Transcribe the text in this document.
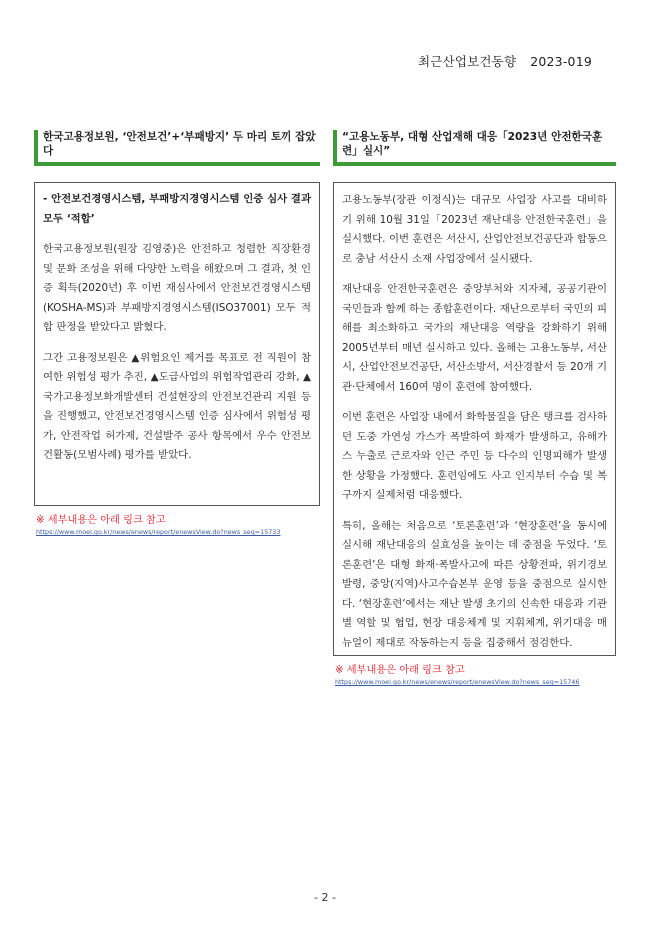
최근산업보건동향 2023-019
한국고용정보원, ‘안전보건’+‘부패방지’ 두 마리 토끼 잡았다

- 안전보건경영시스템, 부패방지경영시스템 인증 심사 결과 모두 ‘적합’

한국고용정보원(원장 김영중)은 안전하고 청렴한 직장환경 및 문화 조성을 위해 다양한 노력을 해왔으며 그 결과, 첫 인증 획득(2020년) 후 이번 재심사에서 안전보건경영시스템(KOSHA-MS)과 부패방지경영시스템(ISO37001) 모두 적합 판정을 받았다고 밝혔다.

그간 고용정보원은 ▲위험요인 제거를 목표로 전 직원이 참여한 위험성 평가 추진, ▲도급사업의 위험작업관리 강화, ▲국가고용정보화개발센터 건설현장의 안전보건관리 지원 등을 진행했고, 안전보건경영시스템 인증 심사에서 위험성 평가, 안전작업 허가제, 건설발주 공사 항목에서 우수 안전보건활동(모범사례) 평가를 받았다.

※ 세부내용은 아래 링크 참고
https://www.moel.go.kr/news/enews/report/enewsView.do?news_seq=15733
“고용노동부, 대형 산업재해 대응「2023년 안전한국훈련」실시”

고용노동부(장관 이정식)는 대규모 사업장 사고를 대비하기 위해 10월 31일「2023년 재난대응 안전한국훈련」을 실시했다. 이번 훈련은 서산시, 산업안전보건공단과 합동으로 충남 서산시 소재 사업장에서 실시됐다.

재난대응 안전한국훈련은 중앙부처와 지자체, 공공기관이 국민들과 함께 하는 종합훈련이다. 재난으로부터 국민의 피해를 최소화하고 국가의 재난대응 역량을 강화하기 위해 2005년부터 매년 실시하고 있다. 올해는 고용노동부, 서산시, 산업안전보건공단, 서산소방서, 서산경찰서 등 20개 기관·단체에서 160여 명이 훈련에 참여했다.

이번 훈련은 사업장 내에서 화학물질을 담은 탱크를 검사하던 도중 가연성 가스가 폭발하여 화재가 발생하고, 유해가스 누출로 근로자와 인근 주민 등 다수의 인명피해가 발생한 상황을 가정했다. 훈련임에도 사고 인지부터 수습 및 복구까지 실제처럼 대응했다.

특히, 올해는 처음으로 ‘토론훈련’과 ‘현장훈련’을 동시에 실시해 재난대응의 실효성을 높이는 데 중점을 두었다. ‘토론훈련’은 대형 화재·폭발사고에 따른 상황전파, 위기경보 발령, 중앙(지역)사고수습본부 운영 등을 중점으로 실시한다. ‘현장훈련’에서는 재난 발생 초기의 신속한 대응과 기관별 역할 및 협업, 현장 대응체계 및 지휘체계, 위기대응 매뉴얼이 제대로 작동하는지 등을 집중해서 점검한다.

※ 세부내용은 아래 링크 참고
https://www.moel.go.kr/news/enews/report/enewsView.do?news_seq=15746
- 2 -
